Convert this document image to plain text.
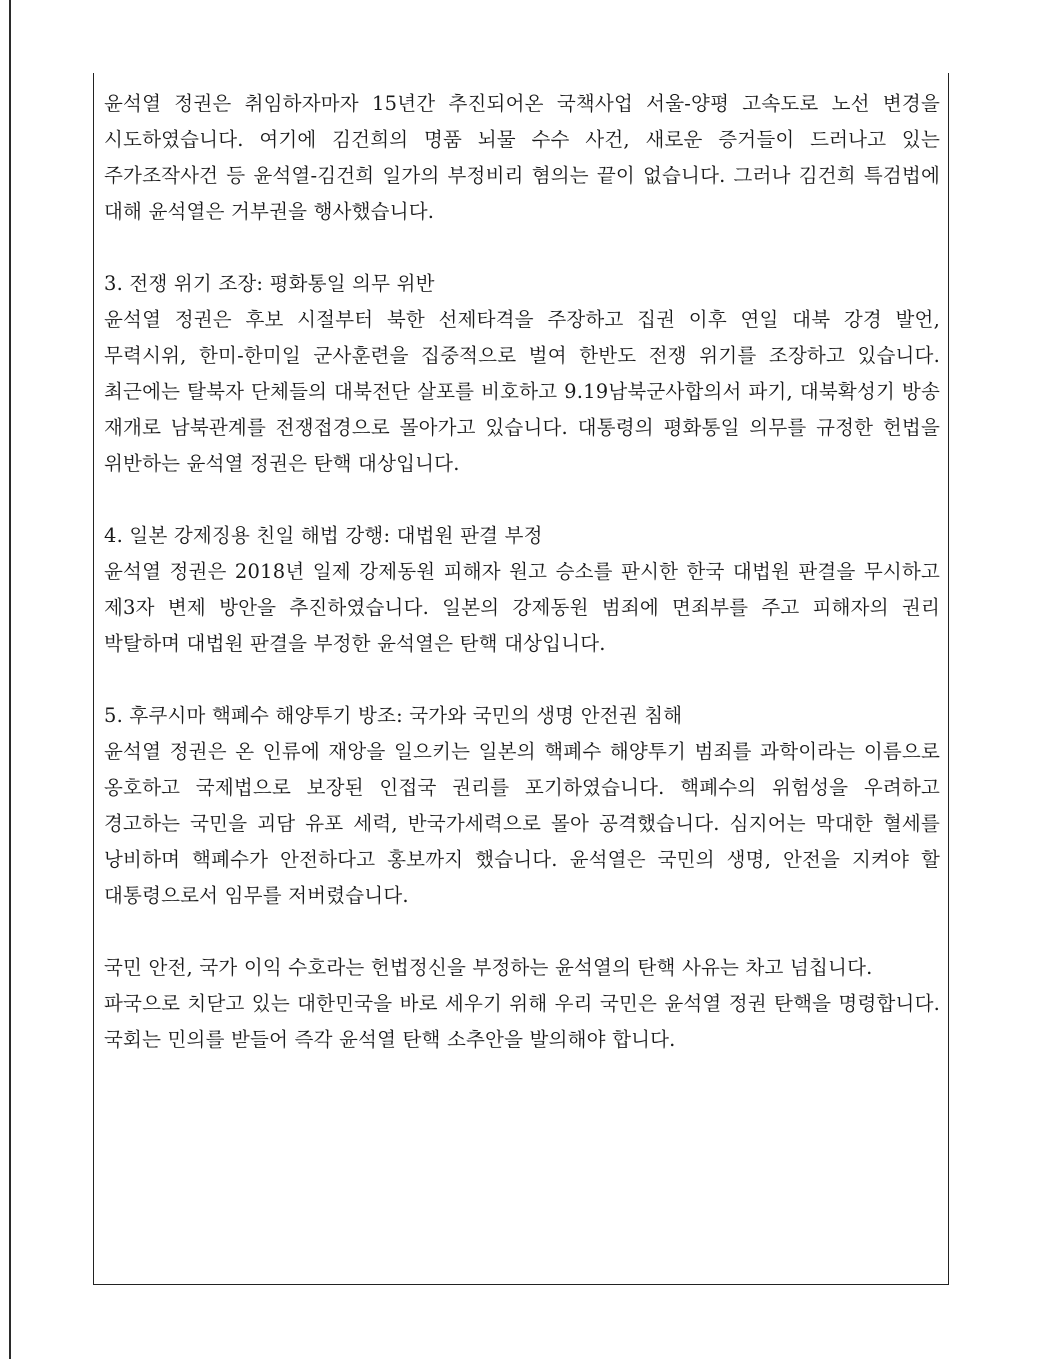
윤석열 정권은 취임하자마자 15년간 추진되어온 국책사업 서울-양평 고속도로 노선 변경을 시도하였습니다. 여기에 김건희의 명품 뇌물 수수 사건, 새로운 증거들이 드러나고 있는 주가조작사건 등 윤석열-김건희 일가의 부정비리 혐의는 끝이 없습니다. 그러나 김건희 특검법에 대해 윤석열은 거부권을 행사했습니다.

3. 전쟁 위기 조장: 평화통일 의무 위반

윤석열 정권은 후보 시절부터 북한 선제타격을 주장하고 집권 이후 연일 대북 강경 발언, 무력시위, 한미-한미일 군사훈련을 집중적으로 벌여 한반도 전쟁 위기를 조장하고 있습니다. 최근에는 탈북자 단체들의 대북전단 살포를 비호하고 9.19남북군사합의서 파기, 대북확성기 방송 재개로 남북관계를 전쟁접경으로 몰아가고 있습니다. 대통령의 평화통일 의무를 규정한 헌법을 위반하는 윤석열 정권은 탄핵 대상입니다.

4. 일본 강제징용 친일 해법 강행: 대법원 판결 부정

윤석열 정권은 2018년 일제 강제동원 피해자 원고 승소를 판시한 한국 대법원 판결을 무시하고 제3자 변제 방안을 추진하였습니다. 일본의 강제동원 범죄에 면죄부를 주고 피해자의 권리 박탈하며 대법원 판결을 부정한 윤석열은 탄핵 대상입니다.

5. 후쿠시마 핵폐수 해양투기 방조: 국가와 국민의 생명 안전권 침해

윤석열 정권은 온 인류에 재앙을 일으키는 일본의 핵폐수 해양투기 범죄를 과학이라는 이름으로 옹호하고 국제법으로 보장된 인접국 권리를 포기하였습니다. 핵폐수의 위험성을 우려하고 경고하는 국민을 괴담 유포 세력, 반국가세력으로 몰아 공격했습니다. 심지어는 막대한 혈세를 낭비하며 핵폐수가 안전하다고 홍보까지 했습니다. 윤석열은 국민의 생명, 안전을 지켜야 할 대통령으로서 임무를 저버렸습니다.

국민 안전, 국가 이익 수호라는 헌법정신을 부정하는 윤석열의 탄핵 사유는 차고 넘칩니다.

파국으로 치닫고 있는 대한민국을 바로 세우기 위해 우리 국민은 윤석열 정권 탄핵을 명령합니다. 국회는 민의를 받들어 즉각 윤석열 탄핵 소추안을 발의해야 합니다.
